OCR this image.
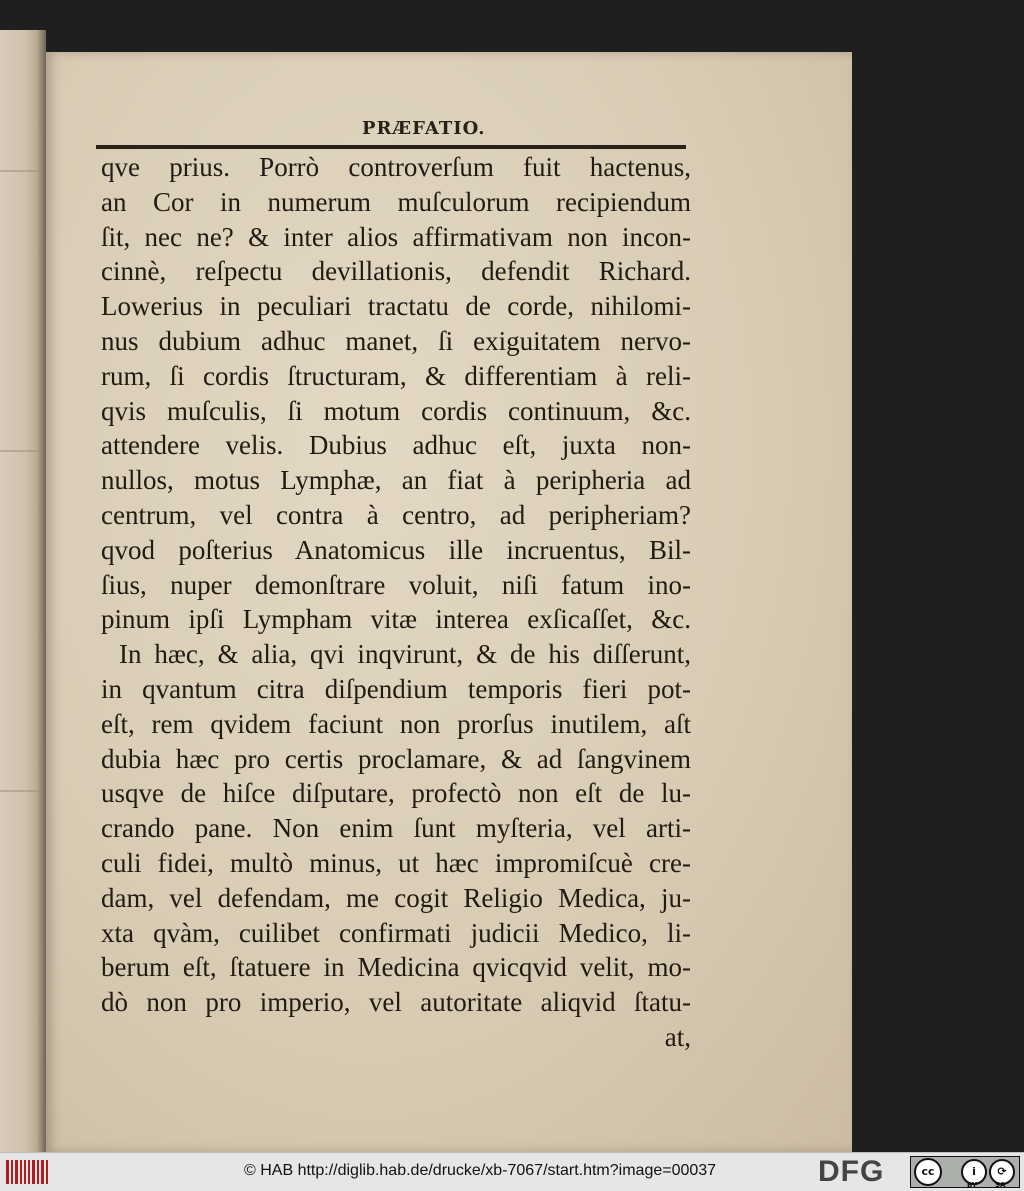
PRÆFATIO.

qve prius. Porrò controverſum fuit hactenus,
an Cor in numerum muſculorum recipiendum
ſit, nec ne? & inter alios affirmativam non incon-
cinnè, reſpectu devillationis, defendit Richard.
Lowerius in peculiari tractatu de corde, nihilomi-
nus dubium adhuc manet, ſi exiguitatem nervo-
rum, ſi cordis ſtructuram, & differentiam à reli-
qvis muſculis, ſi motum cordis continuum, &c.
attendere velis. Dubius adhuc eſt, juxta non-
nullos, motus Lymphæ, an fiat à peripheria ad
centrum, vel contra à centro, ad peripheriam?
qvod poſterius Anatomicus ille incruentus, Bil-
ſius, nuper demonſtrare voluit, niſi fatum ino-
pinum ipſi Lympham vitæ interea exſicaſſet, &c.
In hæc, & alia, qvi inqvirunt, & de his diſſerunt,
in qvantum citra diſpendium temporis fieri pot-
eſt, rem qvidem faciunt non prorſus inutilem, aſt
dubia hæc pro certis proclamare, & ad ſangvinem
usqve de hiſce diſputare, profectò non eſt de lu-
crando pane. Non enim ſunt myſteria, vel arti-
culi fidei, multò minus, ut hæc impromiſcuè cre-
dam, vel defendam, me cogit Religio Medica, ju-
xta qvàm, cuilibet confirmati judicii Medico, li-
berum eſt, ſtatuere in Medicina qvicqvid velit, mo-
dò non pro imperio, vel autoritate aliqvid ſtatu-
at,
© HAB http://diglib.hab.de/drucke/xb-7067/start.htm?image=00037	DFG	cc	i	⟳
BY	SA
